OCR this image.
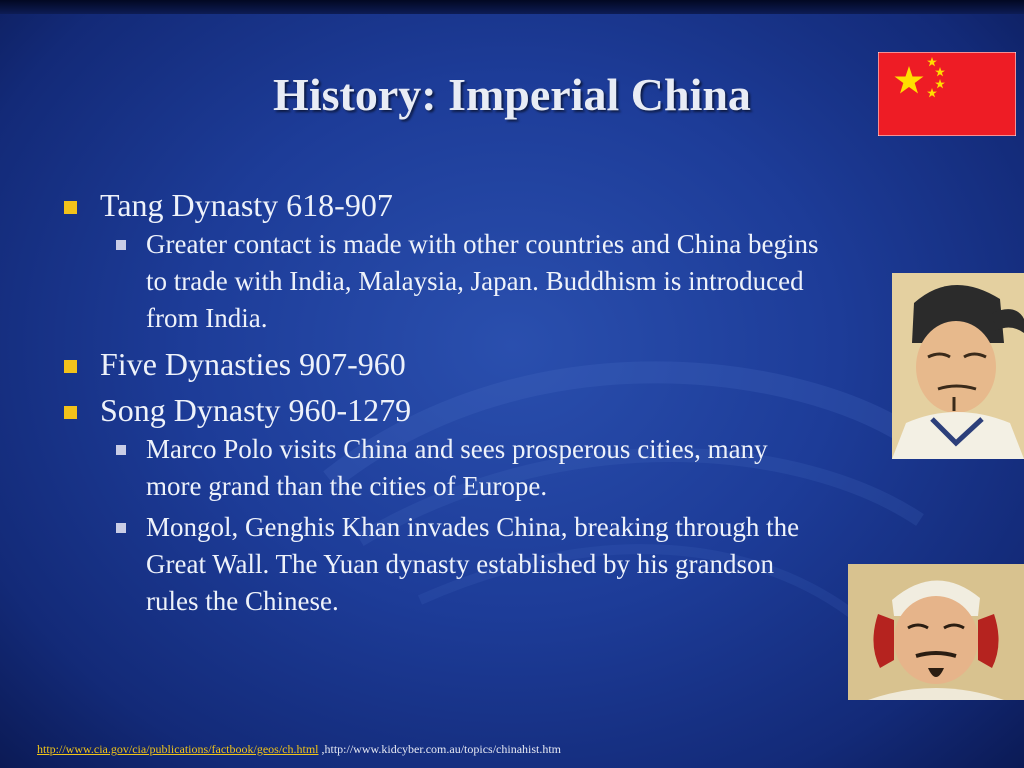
History: Imperial China
Tang Dynasty 618-907
Greater contact is made with other countries and China begins to trade with India, Malaysia, Japan. Buddhism is introduced from India.
Five Dynasties 907-960
Song Dynasty 960-1279
Marco Polo visits China and sees prosperous cities, many more grand than the cities of Europe.
Mongol, Genghis Khan invades China, breaking through the Great Wall. The Yuan dynasty established by his grandson rules the Chinese.
http://www.cia.gov/cia/publications/factbook/geos/ch.html ,http://www.kidcyber.com.au/topics/chinahist.htm
